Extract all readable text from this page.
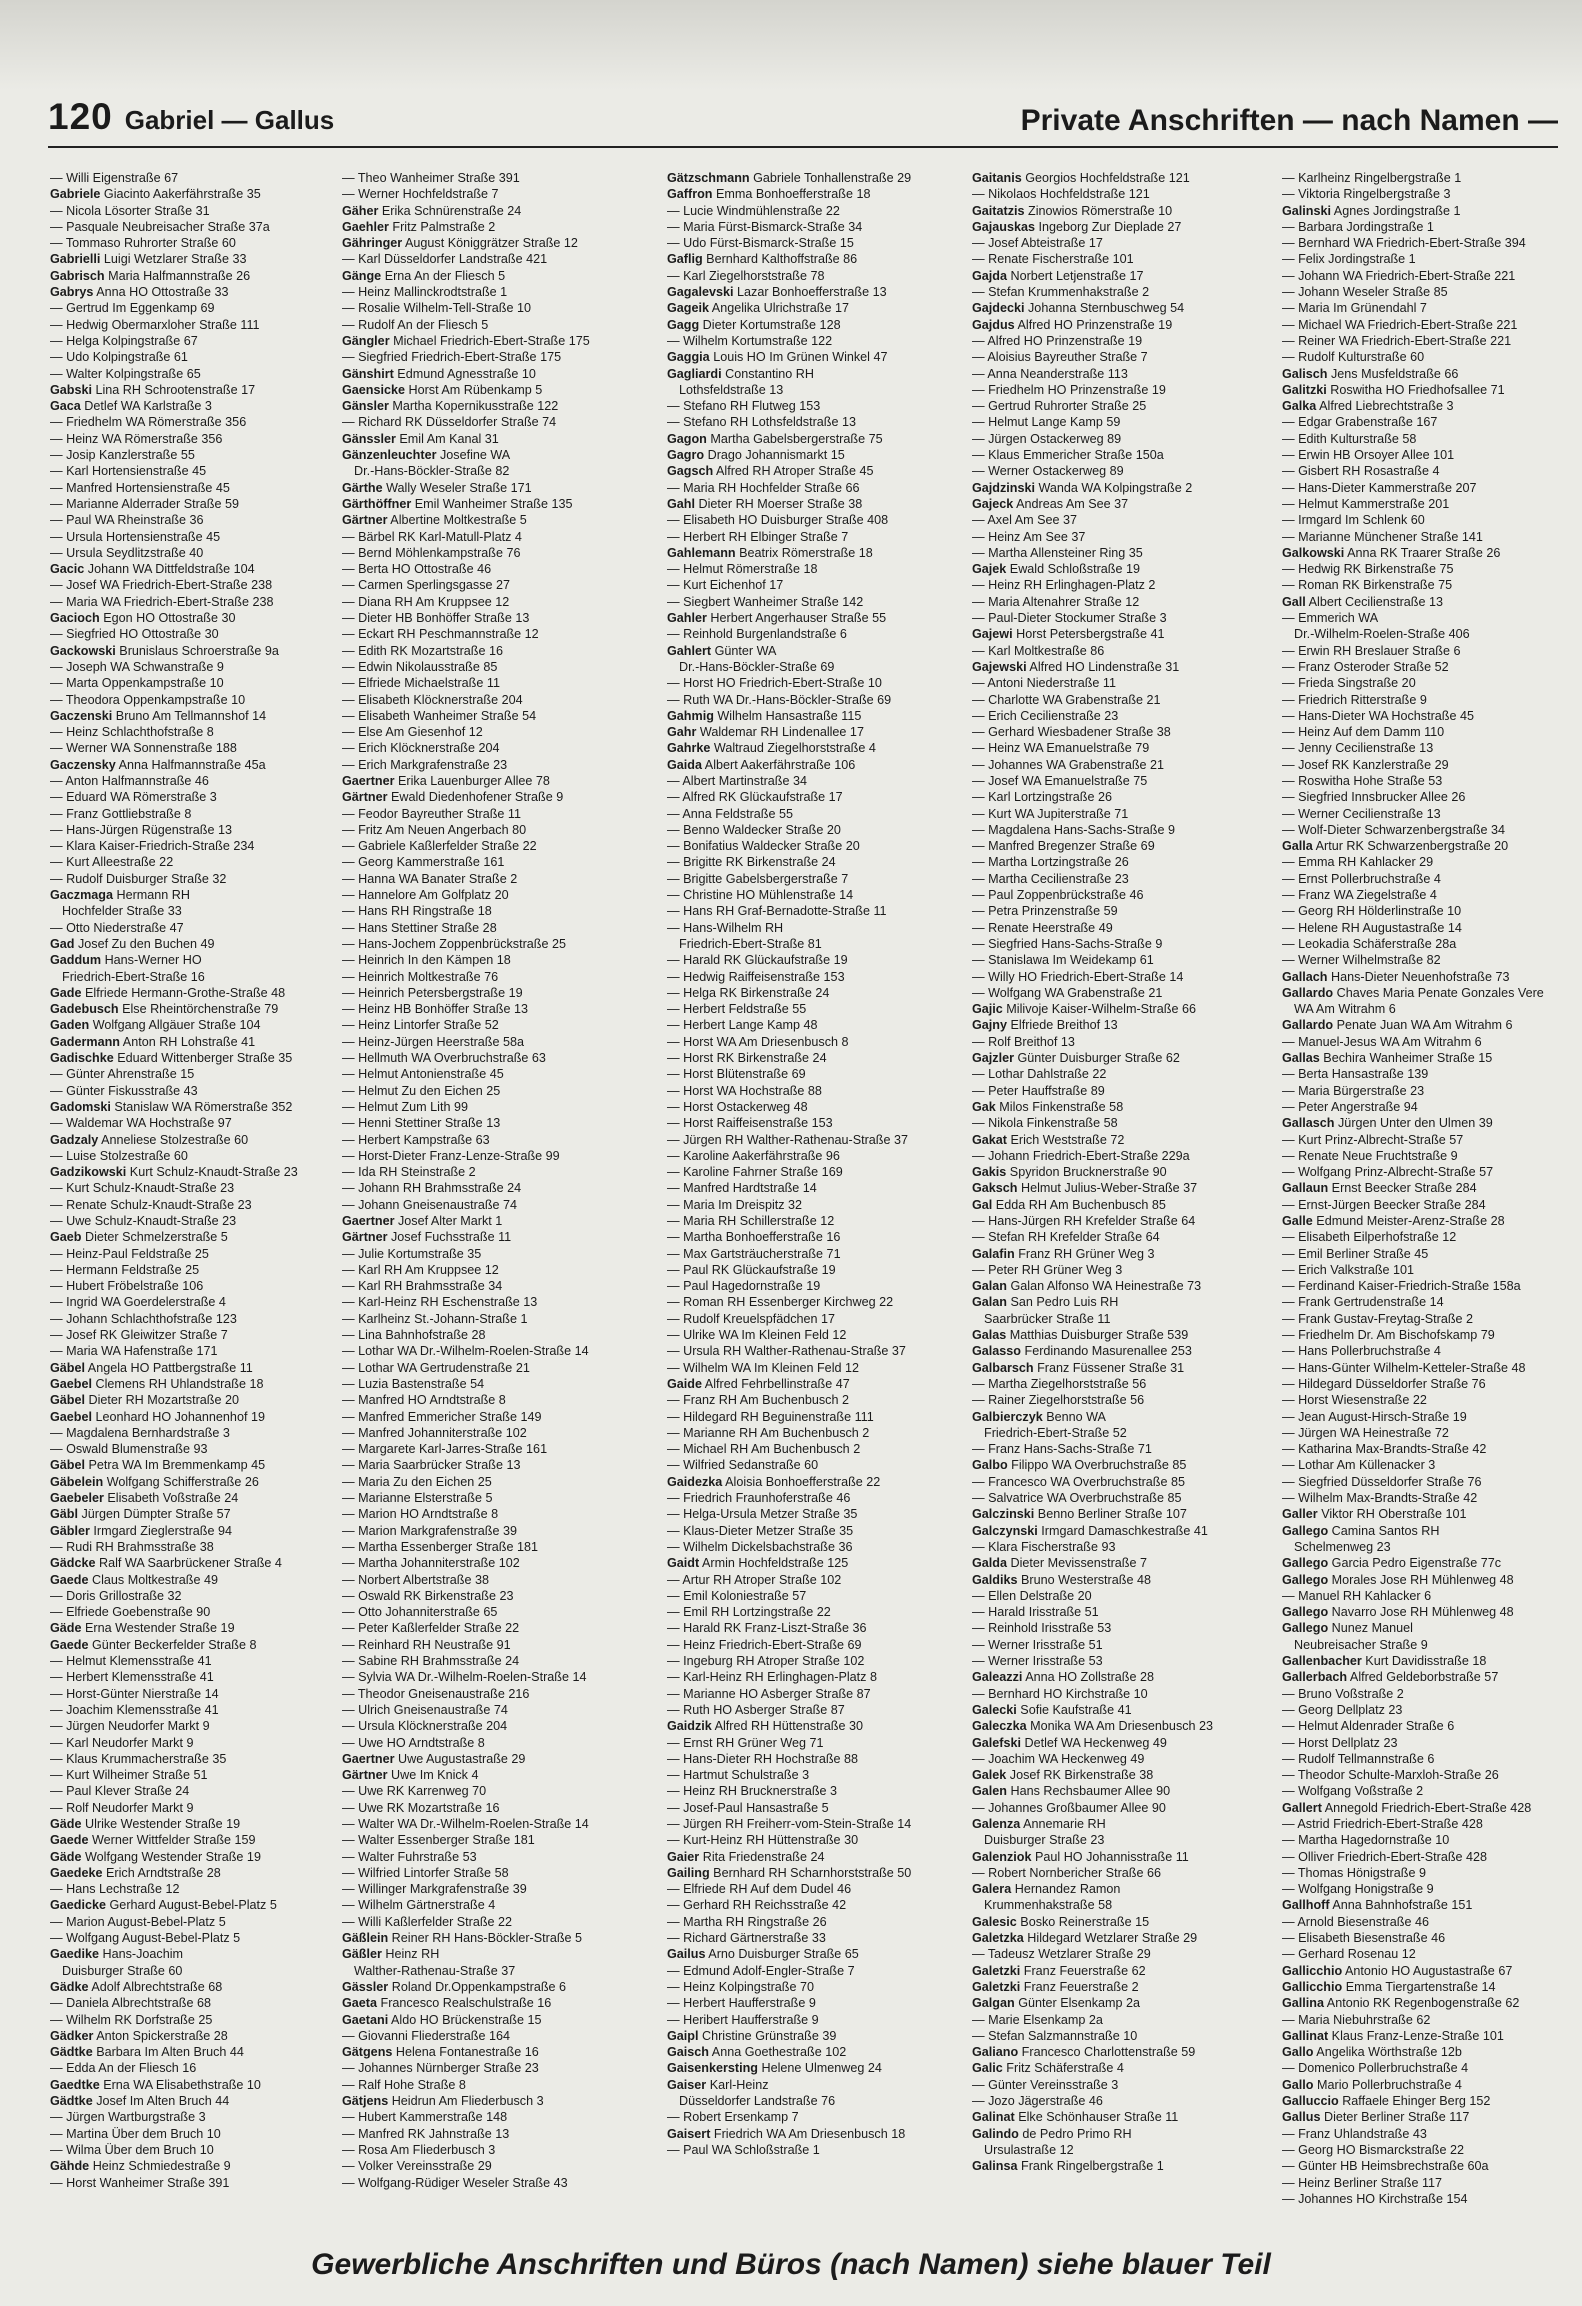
120 Gabriel — Gallus	Private Anschriften — nach Namen —
— Willi Eigenstraße 67
Gabriele Giacinto Aakerfährstraße 35
— Nicola Lösorter Straße 31
— Pasquale Neubreisacher Straße 37a
— Tommaso Ruhrorter Straße 60
Gabrielli Luigi Wetzlarer Straße 33
Gabrisch Maria Halfmannstraße 26
Gabrys Anna HO Ottostraße 33
— Gertrud Im Eggenkamp 69
— Hedwig Obermarxloher Straße 111
— Helga Kolpingstraße 67
— Udo Kolpingstraße 61
— Walter Kolpingstraße 65
Gabski Lina RH Schrootenstraße 17
Gaca Detlef WA Karlstraße 3
— Friedhelm WA Römerstraße 356
— Heinz WA Römerstraße 356
— Josip Kanzlerstraße 55
— Karl Hortensienstraße 45
— Manfred Hortensienstraße 45
— Marianne Alderrader Straße 59
— Paul WA Rheinstraße 36
— Ursula Hortensienstraße 45
— Ursula Seydlitzstraße 40
Gacic Johann WA Dittfeldstraße 104
— Josef WA Friedrich-Ebert-Straße 238
— Maria WA Friedrich-Ebert-Straße 238
Gacioch Egon HO Ottostraße 30
— Siegfried HO Ottostraße 30
Gackowski Brunislaus Schroerstraße 9a
— Joseph WA Schwanstraße 9
— Marta Oppenkampstraße 10
— Theodora Oppenkampstraße 10
Gaczenski Bruno Am Tellmannshof 14
— Heinz Schlachthofstraße 8
— Werner WA Sonnenstraße 188
Gaczensky Anna Halfmannstraße 45a
— Anton Halfmannstraße 46
— Eduard WA Römerstraße 3
— Franz Gottliebstraße 8
— Hans-Jürgen Rügenstraße 13
— Klara Kaiser-Friedrich-Straße 234
— Kurt Alleestraße 22
— Rudolf Duisburger Straße 32
Gaczmaga Hermann RH
Hochfelder Straße 33
— Otto Niederstraße 47
Gad Josef Zu den Buchen 49
Gaddum Hans-Werner HO
Friedrich-Ebert-Straße 16
Gade Elfriede Hermann-Grothe-Straße 48
Gadebusch Else Rheintörchenstraße 79
Gaden Wolfgang Allgäuer Straße 104
Gadermann Anton RH Lohstraße 41
Gadischke Eduard Wittenberger Straße 35
— Günter Ahrenstraße 15
— Günter Fiskusstraße 43
Gadomski Stanislaw WA Römerstraße 352
— Waldemar WA Hochstraße 97
Gadzaly Anneliese Stolzestraße 60
— Luise Stolzestraße 60
Gadzikowski Kurt Schulz-Knaudt-Straße 23
— Kurt Schulz-Knaudt-Straße 23
— Renate Schulz-Knaudt-Straße 23
— Uwe Schulz-Knaudt-Straße 23
Gaeb Dieter Schmelzerstraße 5
— Heinz-Paul Feldstraße 25
— Hermann Feldstraße 25
— Hubert Fröbelstraße 106
— Ingrid WA Goerdelerstraße 4
— Johann Schlachthofstraße 123
— Josef RK Gleiwitzer Straße 7
— Maria WA Hafenstraße 171
Gäbel Angela HO Pattbergstraße 11
Gaebel Clemens RH Uhlandstraße 18
Gäbel Dieter RH Mozartstraße 20
Gaebel Leonhard HO Johannenhof 19
— Magdalena Bernhardstraße 3
— Oswald Blumenstraße 93
Gäbel Petra WA Im Bremmenkamp 45
Gäbelein Wolfgang Schifferstraße 26
Gaebeler Elisabeth Voßstraße 24
Gäbl Jürgen Dümpter Straße 57
Gäbler Irmgard Zieglerstraße 94
— Rudi RH Brahmsstraße 38
Gädcke Ralf WA Saarbrückener Straße 4
Gaede Claus Moltkestraße 49
— Doris Grillostraße 32
— Elfriede Goebenstraße 90
Gäde Erna Westender Straße 19
Gaede Günter Beckerfelder Straße 8
— Helmut Klemensstraße 41
— Herbert Klemensstraße 41
— Horst-Günter Nierstraße 14
— Joachim Klemensstraße 41
— Jürgen Neudorfer Markt 9
— Karl Neudorfer Markt 9
— Klaus Krummacherstraße 35
— Kurt Wilheimer Straße 51
— Paul Klever Straße 24
— Rolf Neudorfer Markt 9
Gäde Ulrike Westender Straße 19
Gaede Werner Wittfelder Straße 159
Gäde Wolfgang Westender Straße 19
Gaedeke Erich Arndtstraße 28
— Hans Lechstraße 12
Gaedicke Gerhard August-Bebel-Platz 5
— Marion August-Bebel-Platz 5
— Wolfgang August-Bebel-Platz 5
Gaedike Hans-Joachim
Duisburger Straße 60
Gädke Adolf Albrechtstraße 68
— Daniela Albrechtstraße 68
— Wilhelm RK Dorfstraße 25
Gädker Anton Spickerstraße 28
Gädtke Barbara Im Alten Bruch 44
— Edda An der Fliesch 16
Gaedtke Erna WA Elisabethstraße 10
Gädtke Josef Im Alten Bruch 44
— Jürgen Wartburgstraße 3
— Martina Über dem Bruch 10
— Wilma Über dem Bruch 10
Gähde Heinz Schmiedestraße 9
— Horst Wanheimer Straße 391
— Theo Wanheimer Straße 391
— Werner Hochfeldstraße 7
Gäher Erika Schnürenstraße 24
Gaehler Fritz Palmstraße 2
Gähringer August Königgrätzer Straße 12
— Karl Düsseldorfer Landstraße 421
Gänge Erna An der Fliesch 5
— Heinz Mallinckrodtstraße 1
— Rosalie Wilhelm-Tell-Straße 10
— Rudolf An der Fliesch 5
Gängler Michael Friedrich-Ebert-Straße 175
— Siegfried Friedrich-Ebert-Straße 175
Gänshirt Edmund Agnesstraße 10
Gaensicke Horst Am Rübenkamp 5
Gänsler Martha Kopernikusstraße 122
— Richard RK Düsseldorfer Straße 74
Gänssler Emil Am Kanal 31
Gänzenleuchter Josefine WA
Dr.-Hans-Böckler-Straße 82
Gärthe Wally Weseler Straße 171
Gärthöffner Emil Wanheimer Straße 135
Gärtner Albertine Moltkestraße 5
— Bärbel RK Karl-Matull-Platz 4
— Bernd Möhlenkampstraße 76
— Berta HO Ottostraße 46
— Carmen Sperlingsgasse 27
— Diana RH Am Kruppsee 12
— Dieter HB Bonhöffer Straße 13
— Eckart RH Peschmannstraße 12
— Edith RK Mozartstraße 16
— Edwin Nikolausstraße 85
— Elfriede Michaelstraße 11
— Elisabeth Klöcknerstraße 204
— Elisabeth Wanheimer Straße 54
— Else Am Giesenhof 12
— Erich Klöcknerstraße 204
— Erich Markgrafenstraße 23
Gaertner Erika Lauenburger Allee 78
Gärtner Ewald Diedenhofener Straße 9
— Feodor Bayreuther Straße 11
— Fritz Am Neuen Angerbach 80
— Gabriele Kaßlerfelder Straße 22
— Georg Kammerstraße 161
— Hanna WA Banater Straße 2
— Hannelore Am Golfplatz 20
— Hans RH Ringstraße 18
— Hans Stettiner Straße 28
— Hans-Jochem Zoppenbrückstraße 25
— Heinrich In den Kämpen 18
— Heinrich Moltkestraße 76
— Heinrich Petersbergstraße 19
— Heinz HB Bonhöffer Straße 13
— Heinz Lintorfer Straße 52
— Heinz-Jürgen Heerstraße 58a
— Hellmuth WA Overbruchstraße 63
— Helmut Antonienstraße 45
— Helmut Zu den Eichen 25
— Helmut Zum Lith 99
— Henni Stettiner Straße 13
— Herbert Kampstraße 63
— Horst-Dieter Franz-Lenze-Straße 99
— Ida RH Steinstraße 2
— Johann RH Brahmsstraße 24
— Johann Gneisenaustraße 74
Gaertner Josef Alter Markt 1
Gärtner Josef Fuchsstraße 11
— Julie Kortumstraße 35
— Karl RH Am Kruppsee 12
— Karl RH Brahmsstraße 34
— Karl-Heinz RH Eschenstraße 13
— Karlheinz St.-Johann-Straße 1
— Lina Bahnhofstraße 28
— Lothar WA Dr.-Wilhelm-Roelen-Straße 14
— Lothar WA Gertrudenstraße 21
— Luzia Bastenstraße 54
— Manfred HO Arndtstraße 8
— Manfred Emmericher Straße 149
— Manfred Johanniterstraße 102
— Margarete Karl-Jarres-Straße 161
— Maria Saarbrücker Straße 13
— Maria Zu den Eichen 25
— Marianne Elsterstraße 5
— Marion HO Arndtstraße 8
— Marion Markgrafenstraße 39
— Martha Essenberger Straße 181
— Martha Johanniterstraße 102
— Norbert Albertstraße 38
— Oswald RK Birkenstraße 23
— Otto Johanniterstraße 65
— Peter Kaßlerfelder Straße 22
— Reinhard RH Neustraße 91
— Sabine RH Brahmsstraße 24
— Sylvia WA Dr.-Wilhelm-Roelen-Straße 14
— Theodor Gneisenaustraße 216
— Ulrich Gneisenaustraße 74
— Ursula Klöcknerstraße 204
— Uwe HO Arndtstraße 8
Gaertner Uwe Augustastraße 29
Gärtner Uwe Im Knick 4
— Uwe RK Karrenweg 70
— Uwe RK Mozartstraße 16
— Walter WA Dr.-Wilhelm-Roelen-Straße 14
— Walter Essenberger Straße 181
— Walter Fuhrstraße 53
— Wilfried Lintorfer Straße 58
— Willinger Markgrafenstraße 39
— Wilhelm Gärtnerstraße 4
— Willi Kaßlerfelder Straße 22
Gäßlein Reiner RH Hans-Böckler-Straße 5
Gäßler Heinz RH
Walther-Rathenau-Straße 37
Gässler Roland Dr.Oppenkampstraße 6
Gaeta Francesco Realschulstraße 16
Gaetani Aldo HO Brückenstraße 15
— Giovanni Fliederstraße 164
Gätgens Helena Fontanestraße 16
— Johannes Nürnberger Straße 23
— Ralf Hohe Straße 8
Gätjens Heidrun Am Fliederbusch 3
— Hubert Kammerstraße 148
— Manfred RK Jahnstraße 13
— Rosa Am Fliederbusch 3
— Volker Vereinsstraße 29
— Wolfgang-Rüdiger Weseler Straße 43
Gätzschmann Gabriele Tonhallenstraße 29
Gaffron Emma Bonhoefferstraße 18
— Lucie Windmühlenstraße 22
— Maria Fürst-Bismarck-Straße 34
— Udo Fürst-Bismarck-Straße 15
Gaflig Bernhard Kalthoffstraße 86
— Karl Ziegelhorststraße 78
Gagalevski Lazar Bonhoefferstraße 13
Gageik Angelika Ulrichstraße 17
Gagg Dieter Kortumstraße 128
— Wilhelm Kortumstraße 122
Gaggia Louis HO Im Grünen Winkel 47
Gagliardi Constantino RH
Lothsfeldstraße 13
— Stefano RH Flutweg 153
— Stefano RH Lothsfeldstraße 13
Gagon Martha Gabelsbergerstraße 75
Gagro Drago Johannismarkt 15
Gagsch Alfred RH Atroper Straße 45
— Maria RH Hochfelder Straße 66
Gahl Dieter RH Moerser Straße 38
— Elisabeth HO Duisburger Straße 408
— Herbert RH Elbinger Straße 7
Gahlemann Beatrix Römerstraße 18
— Helmut Römerstraße 18
— Kurt Eichenhof 17
— Siegbert Wanheimer Straße 142
Gahler Herbert Angerhauser Straße 55
— Reinhold Burgenlandstraße 6
Gahlert Günter WA
Dr.-Hans-Böckler-Straße 69
— Horst HO Friedrich-Ebert-Straße 10
— Ruth WA Dr.-Hans-Böckler-Straße 69
Gahmig Wilhelm Hansastraße 115
Gahr Waldemar RH Lindenallee 17
Gahrke Waltraud Ziegelhorststraße 4
Gaida Albert Aakerfährstraße 106
— Albert Martinstraße 34
— Alfred RK Glückaufstraße 17
— Anna Feldstraße 55
— Benno Waldecker Straße 20
— Bonifatius Waldecker Straße 20
— Brigitte RK Birkenstraße 24
— Brigitte Gabelsbergerstraße 7
— Christine HO Mühlenstraße 14
— Hans RH Graf-Bernadotte-Straße 11
— Hans-Wilhelm RH
Friedrich-Ebert-Straße 81
— Harald RK Glückaufstraße 19
— Hedwig Raiffeisenstraße 153
— Helga RK Birkenstraße 24
— Herbert Feldstraße 55
— Herbert Lange Kamp 48
— Horst WA Am Driesenbusch 8
— Horst RK Birkenstraße 24
— Horst Blütenstraße 69
— Horst WA Hochstraße 88
— Horst Ostackerweg 48
— Horst Raiffeisenstraße 153
— Jürgen RH Walther-Rathenau-Straße 37
— Karoline Aakerfährstraße 96
— Karoline Fahrner Straße 169
— Manfred Hardtstraße 14
— Maria Im Dreispitz 32
— Maria RH Schillerstraße 12
— Martha Bonhoefferstraße 16
— Max Gartsträucherstraße 71
— Paul RK Glückaufstraße 19
— Paul Hagedornstraße 19
— Roman RH Essenberger Kirchweg 22
— Rudolf Kreuelspfädchen 17
— Ulrike WA Im Kleinen Feld 12
— Ursula RH Walther-Rathenau-Straße 37
— Wilhelm WA Im Kleinen Feld 12
Gaide Alfred Fehrbellinstraße 47
— Franz RH Am Buchenbusch 2
— Hildegard RH Beguinenstraße 111
— Marianne RH Am Buchenbusch 2
— Michael RH Am Buchenbusch 2
— Wilfried Sedanstraße 60
Gaidezka Aloisia Bonhoefferstraße 22
— Friedrich Fraunhoferstraße 46
— Helga-Ursula Metzer Straße 35
— Klaus-Dieter Metzer Straße 35
— Wilhelm Dickelsbachstraße 36
Gaidt Armin Hochfeldstraße 125
— Artur RH Atroper Straße 102
— Emil Koloniestraße 57
— Emil RH Lortzingstraße 22
— Harald RK Franz-Liszt-Straße 36
— Heinz Friedrich-Ebert-Straße 69
— Ingeburg RH Atroper Straße 102
— Karl-Heinz RH Erlinghagen-Platz 8
— Marianne HO Asberger Straße 87
— Ruth HO Asberger Straße 87
Gaidzik Alfred RH Hüttenstraße 30
— Ernst RH Grüner Weg 71
— Hans-Dieter RH Hochstraße 88
— Hartmut Schulstraße 3
— Heinz RH Brucknerstraße 3
— Josef-Paul Hansastraße 5
— Jürgen RH Freiherr-vom-Stein-Straße 14
— Kurt-Heinz RH Hüttenstraße 30
Gaier Rita Friedenstraße 24
Gailing Bernhard RH Scharnhorststraße 50
— Elfriede RH Auf dem Dudel 46
— Gerhard RH Reichsstraße 42
— Martha RH Ringstraße 26
— Richard Gärtnerstraße 33
Gailus Arno Duisburger Straße 65
— Edmund Adolf-Engler-Straße 7
— Heinz Kolpingstraße 70
— Herbert Haufferstraße 9
— Heribert Haufferstraße 9
Gaipl Christine Grünstraße 39
Gaisch Anna Goethestraße 102
Gaisenkersting Helene Ulmenweg 24
Gaiser Karl-Heinz
Düsseldorfer Landstraße 76
— Robert Ersenkamp 7
Gaisert Friedrich WA Am Driesenbusch 18
— Paul WA Schloßstraße 1
Gaitanis Georgios Hochfeldstraße 121
— Nikolaos Hochfeldstraße 121
Gaitatzis Zinowios Römerstraße 10
Gajauskas Ingeborg Zur Dieplade 27
— Josef Abteistraße 17
— Renate Fischerstraße 101
Gajda Norbert Letjenstraße 17
— Stefan Krummenhakstraße 2
Gajdecki Johanna Sternbuschweg 54
Gajdus Alfred HO Prinzenstraße 19
— Alfred HO Prinzenstraße 19
— Aloisius Bayreuther Straße 7
— Anna Neanderstraße 113
— Friedhelm HO Prinzenstraße 19
— Gertrud Ruhrorter Straße 25
— Helmut Lange Kamp 59
— Jürgen Ostackerweg 89
— Klaus Emmericher Straße 150a
— Werner Ostackerweg 89
Gajdzinski Wanda WA Kolpingstraße 2
Gajeck Andreas Am See 37
— Axel Am See 37
— Heinz Am See 37
— Martha Allensteiner Ring 35
Gajek Ewald Schloßstraße 19
— Heinz RH Erlinghagen-Platz 2
— Maria Altenahrer Straße 12
— Paul-Dieter Stockumer Straße 3
Gajewi Horst Petersbergstraße 41
— Karl Moltkestraße 86
Gajewski Alfred HO Lindenstraße 31
— Antoni Niederstraße 11
— Charlotte WA Grabenstraße 21
— Erich Cecilienstraße 23
— Gerhard Wiesbadener Straße 38
— Heinz WA Emanuelstraße 79
— Johannes WA Grabenstraße 21
— Josef WA Emanuelstraße 75
— Karl Lortzingstraße 26
— Kurt WA Jupiterstraße 71
— Magdalena Hans-Sachs-Straße 9
— Manfred Bregenzer Straße 69
— Martha Lortzingstraße 26
— Martha Cecilienstraße 23
— Paul Zoppenbrückstraße 46
— Petra Prinzenstraße 59
— Renate Heerstraße 49
— Siegfried Hans-Sachs-Straße 9
— Stanislawa Im Weidekamp 61
— Willy HO Friedrich-Ebert-Straße 14
— Wolfgang WA Grabenstraße 21
Gajic Milivoje Kaiser-Wilhelm-Straße 66
Gajny Elfriede Breithof 13
— Rolf Breithof 13
Gajzler Günter Duisburger Straße 62
— Lothar Dahlstraße 22
— Peter Hauffstraße 89
Gak Milos Finkenstraße 58
— Nikola Finkenstraße 58
Gakat Erich Weststraße 72
— Johann Friedrich-Ebert-Straße 229a
Gakis Spyridon Brucknerstraße 90
Gaksch Helmut Julius-Weber-Straße 37
Gal Edda RH Am Buchenbusch 85
— Hans-Jürgen RH Krefelder Straße 64
— Stefan RH Krefelder Straße 64
Galafin Franz RH Grüner Weg 3
— Peter RH Grüner Weg 3
Galan Galan Alfonso WA Heinestraße 73
Galan San Pedro Luis RH
Saarbrücker Straße 11
Galas Matthias Duisburger Straße 539
Galasso Ferdinando Masurenallee 253
Galbarsch Franz Füssener Straße 31
— Martha Ziegelhorststraße 56
— Rainer Ziegelhorststraße 56
Galbierczyk Benno WA
Friedrich-Ebert-Straße 52
— Franz Hans-Sachs-Straße 71
Galbo Filippo WA Overbruchstraße 85
— Francesco WA Overbruchstraße 85
— Salvatrice WA Overbruchstraße 85
Galczinski Benno Berliner Straße 107
Galczynski Irmgard Damaschkestraße 41
— Klara Fischerstraße 93
Galda Dieter Mevissenstraße 7
Galdiks Bruno Westerstraße 48
— Ellen Delstraße 20
— Harald Irisstraße 51
— Reinhold Irisstraße 53
— Werner Irisstraße 51
— Werner Irisstraße 53
Galeazzi Anna HO Zollstraße 28
— Bernhard HO Kirchstraße 10
Galecki Sofie Kaufstraße 41
Galeczka Monika WA Am Driesenbusch 23
Galefski Detlef WA Heckenweg 49
— Joachim WA Heckenweg 49
Galek Josef RK Birkenstraße 38
Galen Hans Rechsbaumer Allee 90
— Johannes Großbaumer Allee 90
Galenza Annemarie RH
Duisburger Straße 23
Galenziok Paul HO Johannisstraße 11
— Robert Nornbericher Straße 66
Galera Hernandez Ramon
Krummenhakstraße 58
Galesic Bosko Reinerstraße 15
Galetzka Hildegard Wetzlarer Straße 29
— Tadeusz Wetzlarer Straße 29
Galetzki Franz Feuerstraße 62
Galetzki Franz Feuerstraße 2
Galgan Günter Elsenkamp 2a
— Marie Elsenkamp 2a
— Stefan Salzmannstraße 10
Galiano Francesco Charlottenstraße 59
Galic Fritz Schäferstraße 4
— Günter Vereinsstraße 3
— Jozo Jägerstraße 46
Galinat Elke Schönhauser Straße 11
Galindo de Pedro Primo RH
Ursulastraße 12
Galinsa Frank Ringelbergstraße 1
— Karlheinz Ringelbergstraße 1
— Viktoria Ringelbergstraße 3
Galinski Agnes Jordingstraße 1
— Barbara Jordingstraße 1
— Bernhard WA Friedrich-Ebert-Straße 394
— Felix Jordingstraße 1
— Johann WA Friedrich-Ebert-Straße 221
— Johann Weseler Straße 85
— Maria Im Grünendahl 7
— Michael WA Friedrich-Ebert-Straße 221
— Reiner WA Friedrich-Ebert-Straße 221
— Rudolf Kulturstraße 60
Galisch Jens Musfeldstraße 66
Galitzki Roswitha HO Friedhofsallee 71
Galka Alfred Liebrechtstraße 3
— Edgar Grabenstraße 167
— Edith Kulturstraße 58
— Erwin HB Orsoyer Allee 101
— Gisbert RH Rosastraße 4
— Hans-Dieter Kammerstraße 207
— Helmut Kammerstraße 201
— Irmgard Im Schlenk 60
— Marianne Münchener Straße 141
Galkowski Anna RK Traarer Straße 26
— Hedwig RK Birkenstraße 75
— Roman RK Birkenstraße 75
Gall Albert Cecilienstraße 13
— Emmerich WA
Dr.-Wilhelm-Roelen-Straße 406
— Erwin RH Breslauer Straße 6
— Franz Osteroder Straße 52
— Frieda Singstraße 20
— Friedrich Ritterstraße 9
— Hans-Dieter WA Hochstraße 45
— Heinz Auf dem Damm 110
— Jenny Cecilienstraße 13
— Josef RK Kanzlerstraße 29
— Roswitha Hohe Straße 53
— Siegfried Innsbrucker Allee 26
— Werner Cecilienstraße 13
— Wolf-Dieter Schwarzenbergstraße 34
Galla Artur RK Schwarzenbergstraße 20
— Emma RH Kahlacker 29
— Ernst Pollerbruchstraße 4
— Franz WA Ziegelstraße 4
— Georg RH Hölderlinstraße 10
— Helene RH Augustastraße 14
— Leokadia Schäferstraße 28a
— Werner Wilhelmstraße 82
Gallach Hans-Dieter Neuenhofstraße 73
Gallardo Chaves Maria Penate Gonzales Vere
WA Am Witrahm 6
Gallardo Penate Juan WA Am Witrahm 6
— Manuel-Jesus WA Am Witrahm 6
Gallas Bechira Wanheimer Straße 15
— Berta Hansastraße 139
— Maria Bürgerstraße 23
— Peter Angerstraße 94
Gallasch Jürgen Unter den Ulmen 39
— Kurt Prinz-Albrecht-Straße 57
— Renate Neue Fruchtstraße 9
— Wolfgang Prinz-Albrecht-Straße 57
Gallaun Ernst Beecker Straße 284
— Ernst-Jürgen Beecker Straße 284
Galle Edmund Meister-Arenz-Straße 28
— Elisabeth Eilperhofstraße 12
— Emil Berliner Straße 45
— Erich Valkstraße 101
— Ferdinand Kaiser-Friedrich-Straße 158a
— Frank Gertrudenstraße 14
— Frank Gustav-Freytag-Straße 2
— Friedhelm Dr. Am Bischofskamp 79
— Hans Pollerbruchstraße 4
— Hans-Günter Wilhelm-Ketteler-Straße 48
— Hildegard Düsseldorfer Straße 76
— Horst Wiesenstraße 22
— Jean August-Hirsch-Straße 19
— Jürgen WA Heinestraße 72
— Katharina Max-Brandts-Straße 42
— Lothar Am Küllenacker 3
— Siegfried Düsseldorfer Straße 76
— Wilhelm Max-Brandts-Straße 42
Galler Viktor RH Oberstraße 101
Gallego Camina Santos RH
Schelmenweg 23
Gallego Garcia Pedro Eigenstraße 77c
Gallego Morales Jose RH Mühlenweg 48
— Manuel RH Kahlacker 6
Gallego Navarro Jose RH Mühlenweg 48
Gallego Nunez Manuel
Neubreisacher Straße 9
Gallenbacher Kurt Davidisstraße 18
Gallerbach Alfred Geldeborbstraße 57
— Bruno Voßstraße 2
— Georg Dellplatz 23
— Helmut Aldenrader Straße 6
— Horst Dellplatz 23
— Rudolf Tellmannstraße 6
— Theodor Schulte-Marxloh-Straße 26
— Wolfgang Voßstraße 2
Gallert Annegold Friedrich-Ebert-Straße 428
— Astrid Friedrich-Ebert-Straße 428
— Martha Hagedornstraße 10
— Olliver Friedrich-Ebert-Straße 428
— Thomas Hönigstraße 9
— Wolfgang Honigstraße 9
Gallhoff Anna Bahnhofstraße 151
— Arnold Biesenstraße 46
— Elisabeth Biesenstraße 46
— Gerhard Rosenau 12
Gallicchio Antonio HO Augustastraße 67
Gallicchio Emma Tiergartenstraße 14
Gallina Antonio RK Regenbogenstraße 62
— Maria Niebuhrstraße 62
Gallinat Klaus Franz-Lenze-Straße 101
Gallo Angelika Wörthstraße 12b
— Domenico Pollerbruchstraße 4
Gallo Mario Pollerbruchstraße 4
Galluccio Raffaele Ehinger Berg 152
Gallus Dieter Berliner Straße 117
— Franz Uhlandstraße 43
— Georg HO Bismarckstraße 22
— Günter HB Heimsbrechstraße 60a
— Heinz Berliner Straße 117
— Johannes HO Kirchstraße 154
Gewerbliche Anschriften und Büros (nach Namen) siehe blauer Teil
